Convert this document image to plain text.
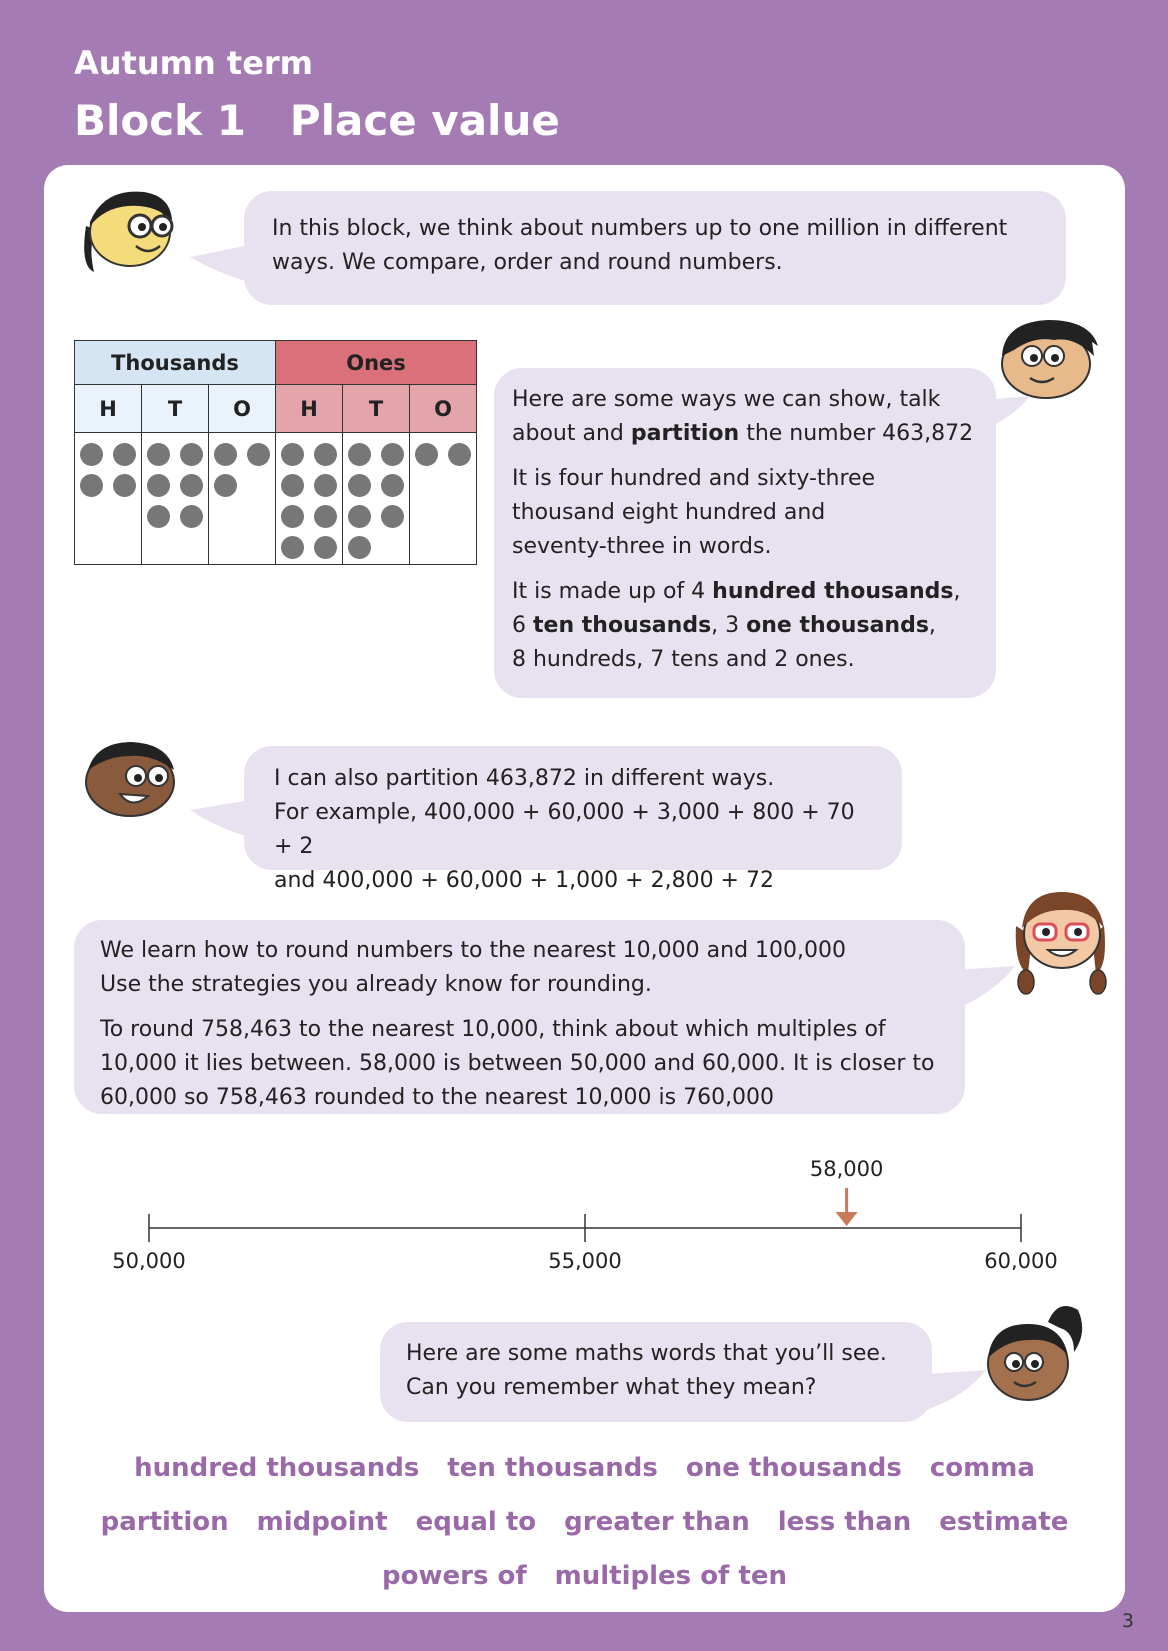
Autumn term
Block 1   Place value

In this block, we think about numbers up to one million in different

ways. We compare, order and round numbers.

Thousands			Ones		
H	T	O	H	T	O

		Here are some ways we can show, talk

about and partition the number 463,872

It is four hundred and sixty-three

thousand eight hundred and

seventy-three in words.

It is made up of 4 hundred thousands,

6 ten thousands, 3 one thousands,

8 hundreds, 7 tens and 2 ones.

I can also partition 463,872 in different ways.

For example, 400,000 + 60,000 + 3,000 + 800 + 70 + 2

and 400,000 + 60,000 + 1,000 + 2,800 + 72

We learn how to round numbers to the nearest 10,000 and 100,000

Use the strategies you already know for rounding.

To round 758,463 to the nearest 10,000, think about which multiples of

10,000 it lies between. 58,000 is between 50,000 and 60,000. It is closer to

60,000 so 758,463 rounded to the nearest 10,000 is 760,000

50,000	55,000	60,000
58,000

Here are some maths words that you’ll see.

Can you remember what they mean?

hundred thousands ten thousands one thousands comma
partition midpoint equal to greater than less than estimate
powers of multiples of ten
3
